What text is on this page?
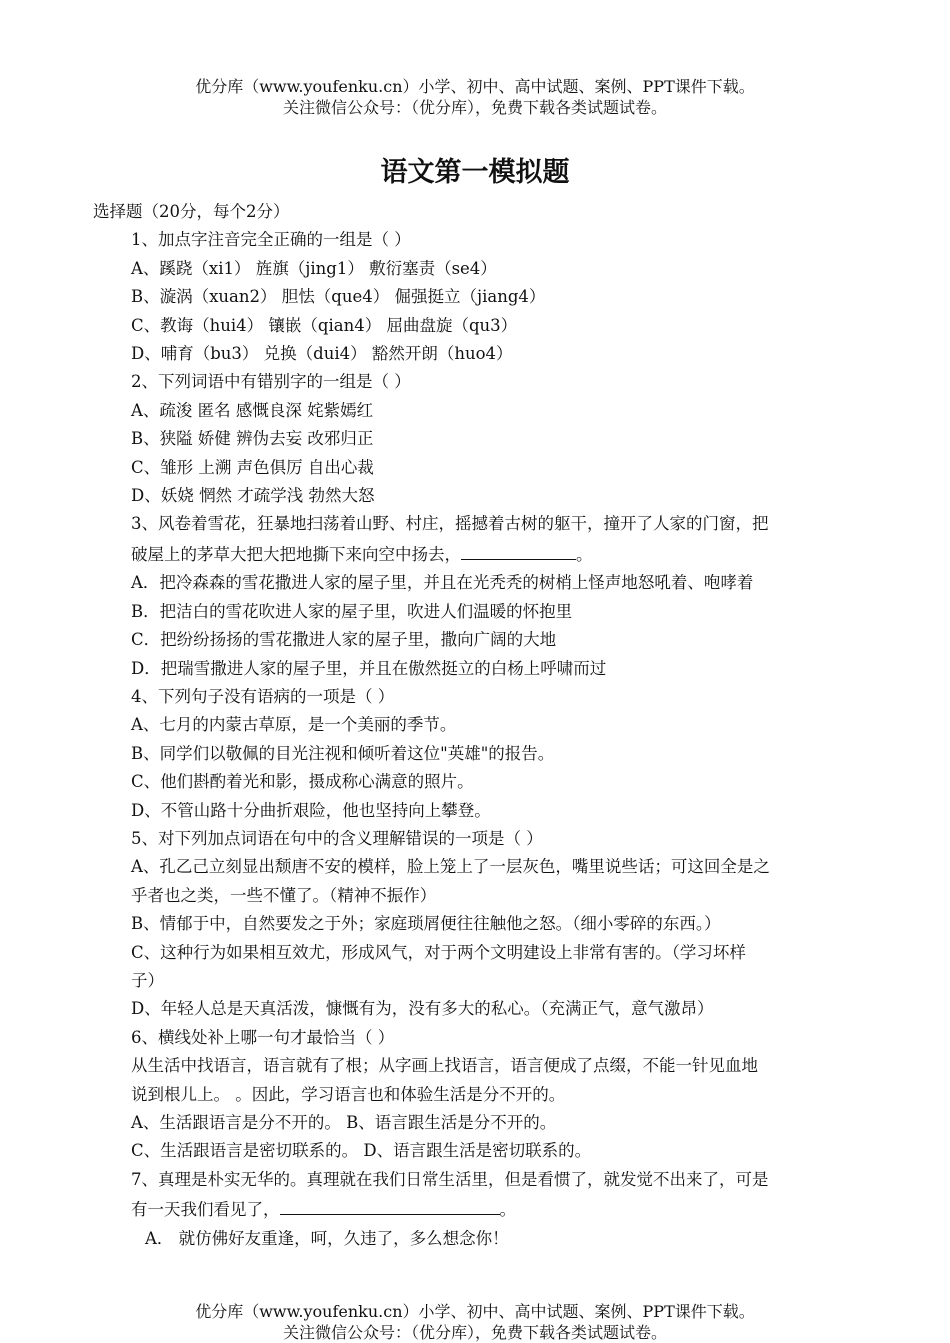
优分库（www.youfenku.cn）小学、初中、高中试题、案例、PPT课件下载。
关注微信公众号：（优分库），免费下载各类试题试卷。
语文第一模拟题
选择题（20分，每个2分）
1、加点字注音完全正确的一组是（ ）
A、蹊跷（xi1） 旌旗（jing1） 敷衍塞责（se4）
B、漩涡（xuan2） 胆怯（que4） 倔强挺立（jiang4）
C、教诲（hui4） 镶嵌（qian4） 屈曲盘旋（qu3）
D、哺育（bu3） 兑换（dui4） 豁然开朗（huo4）
2、下列词语中有错别字的一组是（ ）
A、疏浚 匿名 感慨良深 姹紫嫣红
B、狭隘 娇健 辨伪去妄 改邪归正
C、雏形 上溯 声色俱厉 自出心裁
D、妖娆 惘然 才疏学浅 勃然大怒
3、风卷着雪花，狂暴地扫荡着山野、村庄，摇撼着古树的躯干，撞开了人家的门窗，把
破屋上的茅草大把大把地撕下来向空中扬去，	。
A．把冷森森的雪花撒进人家的屋子里，并且在光秃秃的树梢上怪声地怒吼着、咆哮着
B．把洁白的雪花吹进人家的屋子里，吹进人们温暖的怀抱里
C．把纷纷扬扬的雪花撒进人家的屋子里，撒向广阔的大地
D．把瑞雪撒进人家的屋子里，并且在傲然挺立的白杨上呼啸而过
4、下列句子没有语病的一项是（ ）
A、七月的内蒙古草原，是一个美丽的季节。
B、同学们以敬佩的目光注视和倾听着这位"英雄"的报告。
C、他们斟酌着光和影，摄成称心满意的照片。
D、不管山路十分曲折艰险，他也坚持向上攀登。
5、对下列加点词语在句中的含义理解错误的一项是（ ）
A、孔乙己立刻显出颓唐不安的模样，脸上笼上了一层灰色，嘴里说些话；可这回全是之
乎者也之类，一些不懂了。（精神不振作）
B、情郁于中，自然要发之于外；家庭琐屑便往往触他之怒。（细小零碎的东西。）
C、这种行为如果相互效尤，形成风气，对于两个文明建设上非常有害的。（学习坏样
子）
D、年轻人总是天真活泼，慷慨有为，没有多大的私心。（充满正气，意气激昂）
6、横线处补上哪一句才最恰当（ ）
从生活中找语言，语言就有了根；从字画上找语言，语言便成了点缀，不能一针见血地
说到根儿上。 。因此，学习语言也和体验生活是分不开的。
A、生活跟语言是分不开的。 B、语言跟生活是分不开的。
C、生活跟语言是密切联系的。 D、语言跟生活是密切联系的。
7、真理是朴实无华的。真理就在我们日常生活里，但是看惯了，就发觉不出来了，可是
有一天我们看见了，	。
A． 就仿佛好友重逢，呵，久违了，多么想念你！
优分库（www.youfenku.cn）小学、初中、高中试题、案例、PPT课件下载。
关注微信公众号：（优分库），免费下载各类试题试卷。
